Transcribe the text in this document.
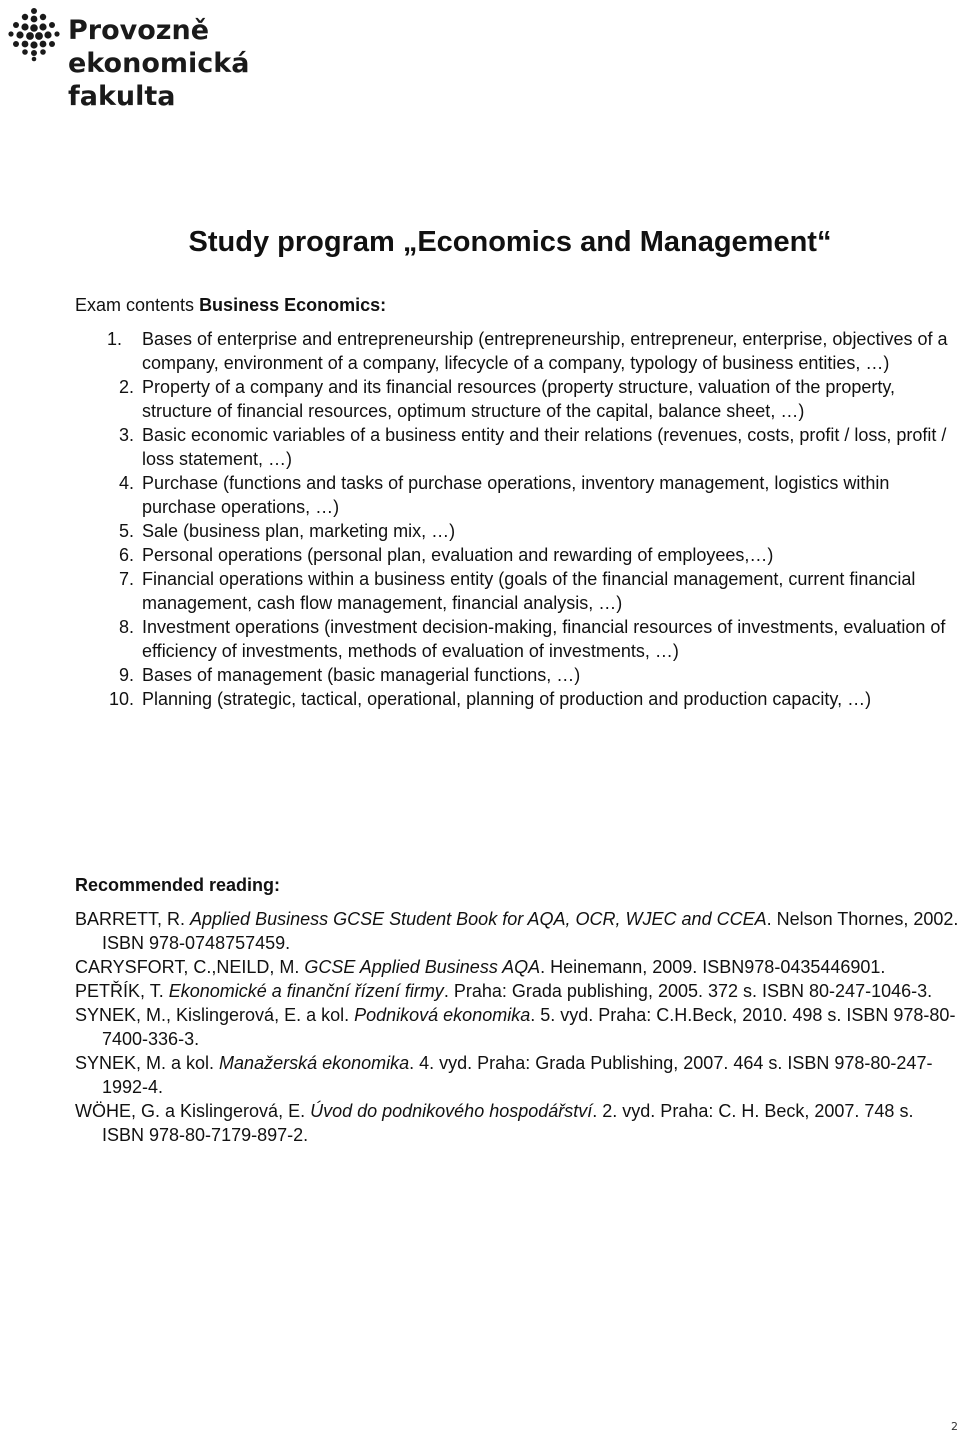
Provozně
ekonomická
fakulta
Study program „Economics and Management“
Exam contents Business Economics:
1.	Bases of enterprise and entrepreneurship (entrepreneurship, entrepreneur, enterprise, objectives of a company, environment of a company, lifecycle of a company, typology of business entities, …)
2. Property of a company and its financial resources (property structure, valuation of the property, structure of financial resources, optimum structure of the capital, balance sheet, …)
3. Basic economic variables of a business entity and their relations (revenues, costs, profit / loss, profit / loss statement, …)
4. Purchase (functions and tasks of purchase operations, inventory management, logistics within purchase operations, …)
5. Sale (business plan, marketing mix, …)
6. Personal operations (personal plan, evaluation and rewarding of employees,…)
7. Financial operations within a business entity (goals of the financial management, current financial management, cash flow management, financial analysis, …)
8. Investment operations (investment decision-making, financial resources of investments, evaluation of efficiency of investments, methods of evaluation of investments, …)
9. Bases of management (basic managerial functions, …)
10. Planning (strategic, tactical, operational, planning of production and production capacity, …)
Recommended reading:
BARRETT, R. Applied Business GCSE Student Book for AQA, OCR, WJEC and CCEA. Nelson Thornes, 2002. ISBN 978-0748757459.
CARYSFORT, C.,NEILD, M. GCSE Applied Business AQA. Heinemann, 2009. ISBN978-0435446901.
PETŘÍK, T. Ekonomické a finanční řízení firmy. Praha: Grada publishing, 2005. 372 s. ISBN 80-247-1046-3.
SYNEK, M., Kislingerová, E. a kol. Podniková ekonomika. 5. vyd. Praha: C.H.Beck, 2010. 498 s. ISBN 978-80-7400-336-3.
SYNEK, M. a kol. Manažerská ekonomika. 4. vyd. Praha: Grada Publishing, 2007. 464 s. ISBN 978-80-247-1992-4.
WÖHE, G. a Kislingerová, E. Úvod do podnikového hospodářství. 2. vyd. Praha: C. H. Beck, 2007. 748 s. ISBN 978-80-7179-897-2.
2
